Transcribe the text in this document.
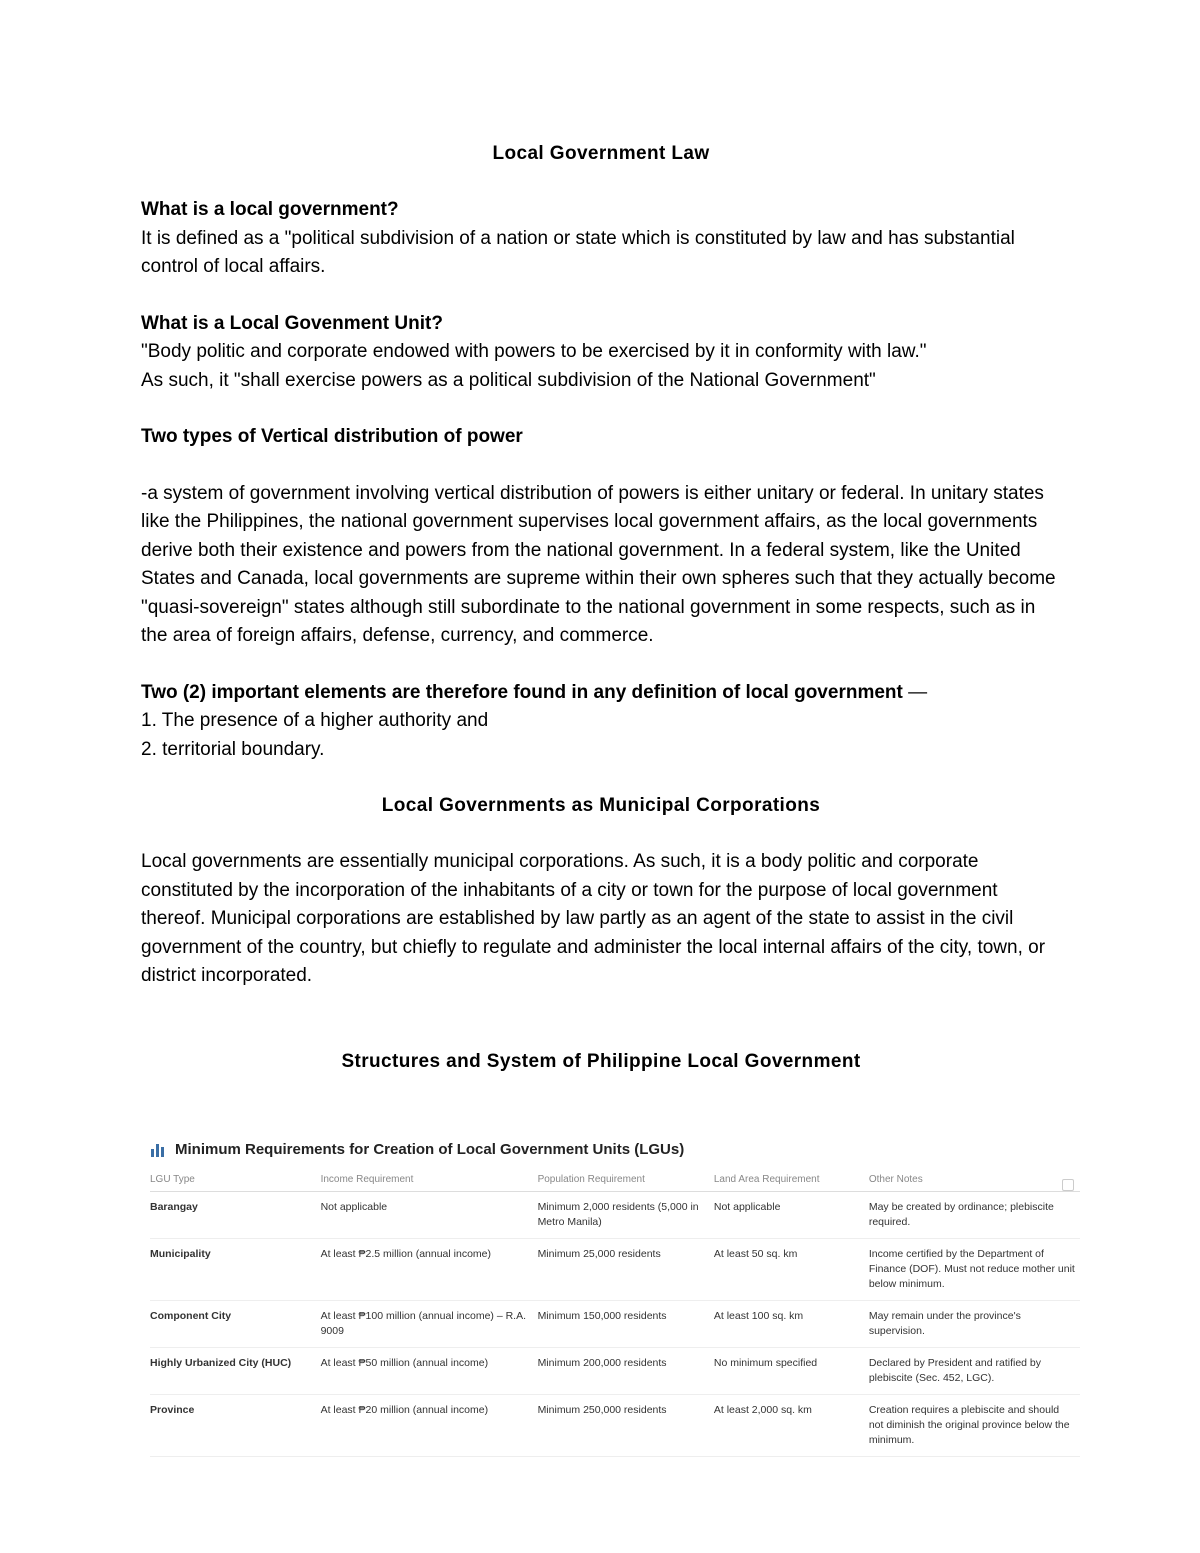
Local Government Law
What is a local government?

It is defined as a "political subdivision of a nation or state which is constituted by law and has substantial control of local affairs.

What is a Local Govenment Unit?

"Body politic and corporate endowed with powers to be exercised by it in conformity with law."

As such, it "shall exercise powers as a political subdivision of the National Government"

Two types of Vertical distribution of power

-a system of government involving vertical distribution of powers is either unitary or federal. In unitary states like the Philippines, the national government supervises local government affairs, as the local governments derive both their existence and powers from the national government. In a federal system, like the United States and Canada, local governments are supreme within their own spheres such that they actually become "quasi-sovereign" states although still subordinate to the national government in some respects, such as in the area of foreign affairs, defense, currency, and commerce.

Two (2) important elements are therefore found in any definition of local government —

1. The presence of a higher authority and

2. territorial boundary.

Local Governments as Municipal Corporations

Local governments are essentially municipal corporations. As such, it is a body politic and corporate constituted by the incorporation of the inhabitants of a city or town for the purpose of local government thereof. Municipal corporations are established by law partly as an agent of the state to assist in the civil government of the country, but chiefly to regulate and administer the local internal affairs of the city, town, or district incorporated.

Structures and System of Philippine Local Government
Minimum Requirements for Creation of Local Government Units (LGUs)
LGU Type	Income Requirement	Population Requirement	Land Area Requirement	Other Notes
Barangay	Not applicable	Minimum 2,000 residents (5,000 in Metro Manila)	Not applicable	May be created by ordinance; plebiscite required.
Municipality	At least ₱2.5 million (annual income)	Minimum 25,000 residents	At least 50 sq. km	Income certified by the Department of Finance (DOF). Must not reduce mother unit below minimum.
Component City	At least ₱100 million (annual income) – R.A. 9009	Minimum 150,000 residents	At least 100 sq. km	May remain under the province's supervision.
Highly Urbanized City (HUC)	At least ₱50 million (annual income)	Minimum 200,000 residents	No minimum specified	Declared by President and ratified by plebiscite (Sec. 452, LGC).
Province	At least ₱20 million (annual income)	Minimum 250,000 residents	At least 2,000 sq. km	Creation requires a plebiscite and should not diminish the original province below the minimum.
